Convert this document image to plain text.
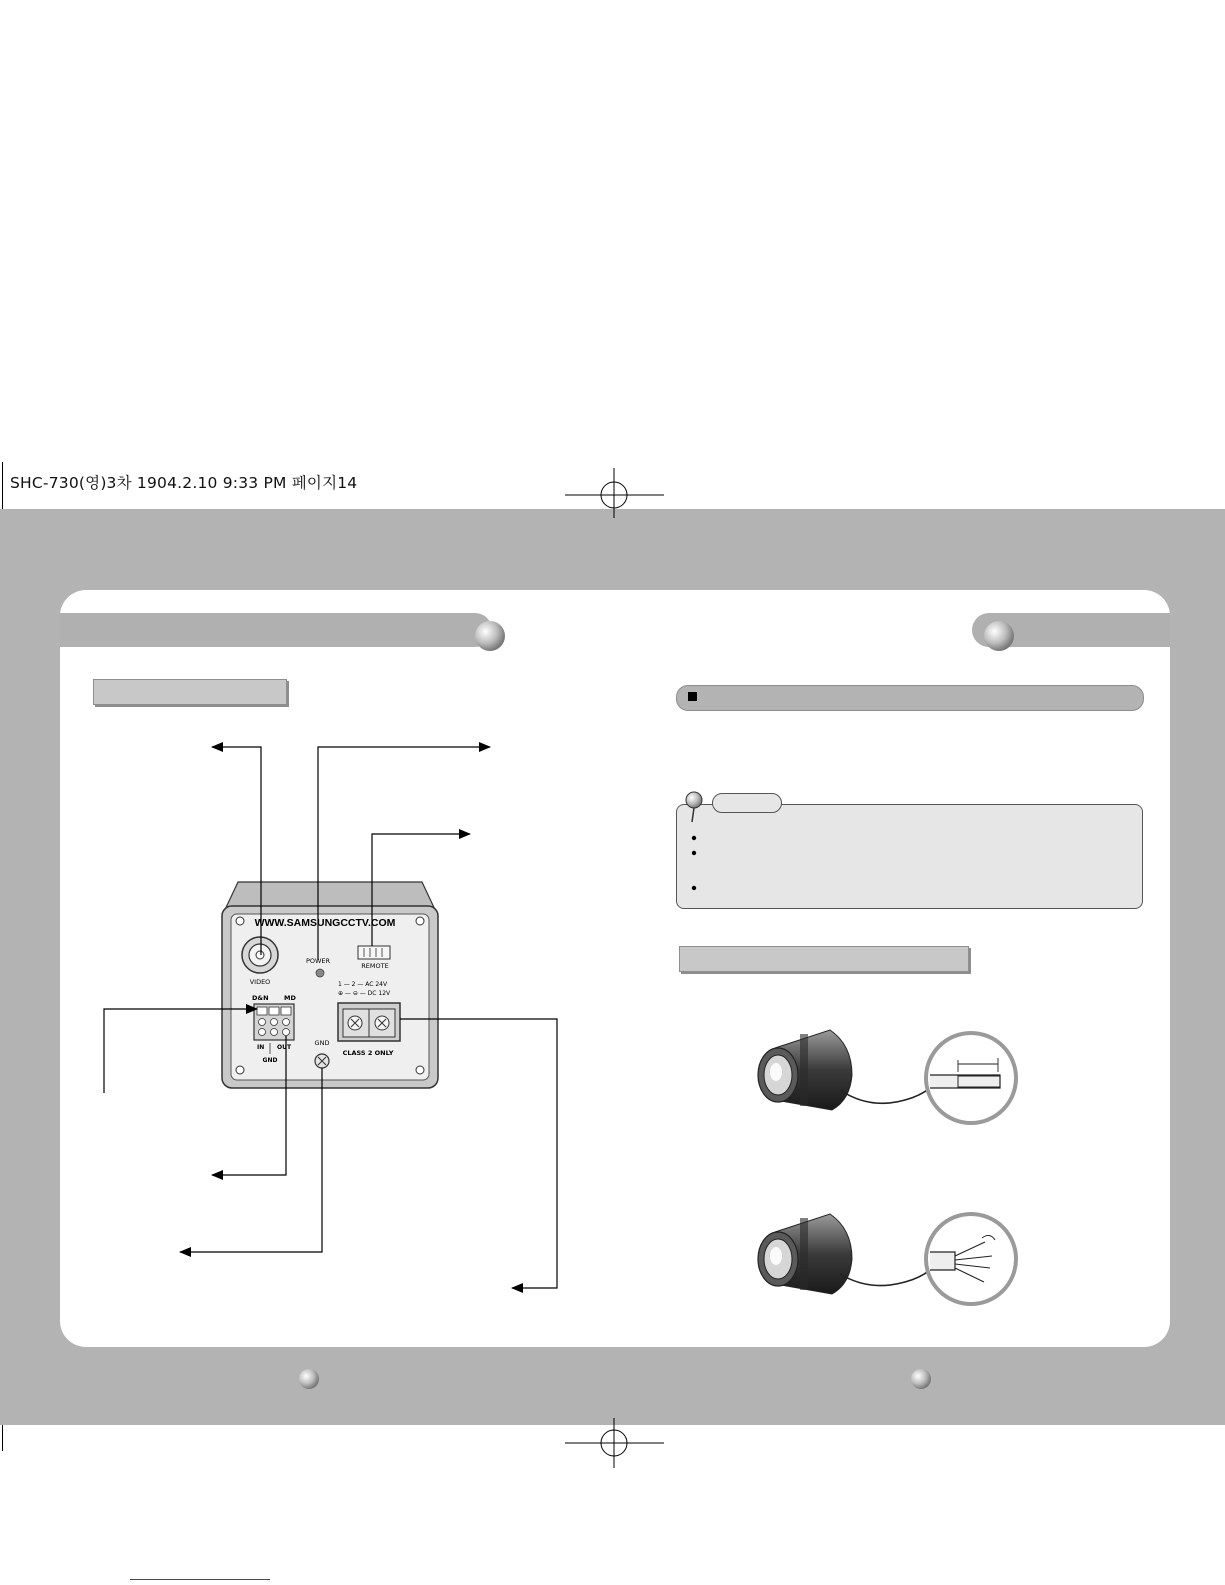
SHC-730(영)3차 1904.2.10 9:33 PM 페이지14
WWW.SAMSUNGCCTV.COM
VIDEO
POWER
REMOTE
1 — 2 — AC 24V
⊕ — ⊖ — DC 12V
D&N MD
IN OUT
GND
CLASS 2 ONLY
GND
